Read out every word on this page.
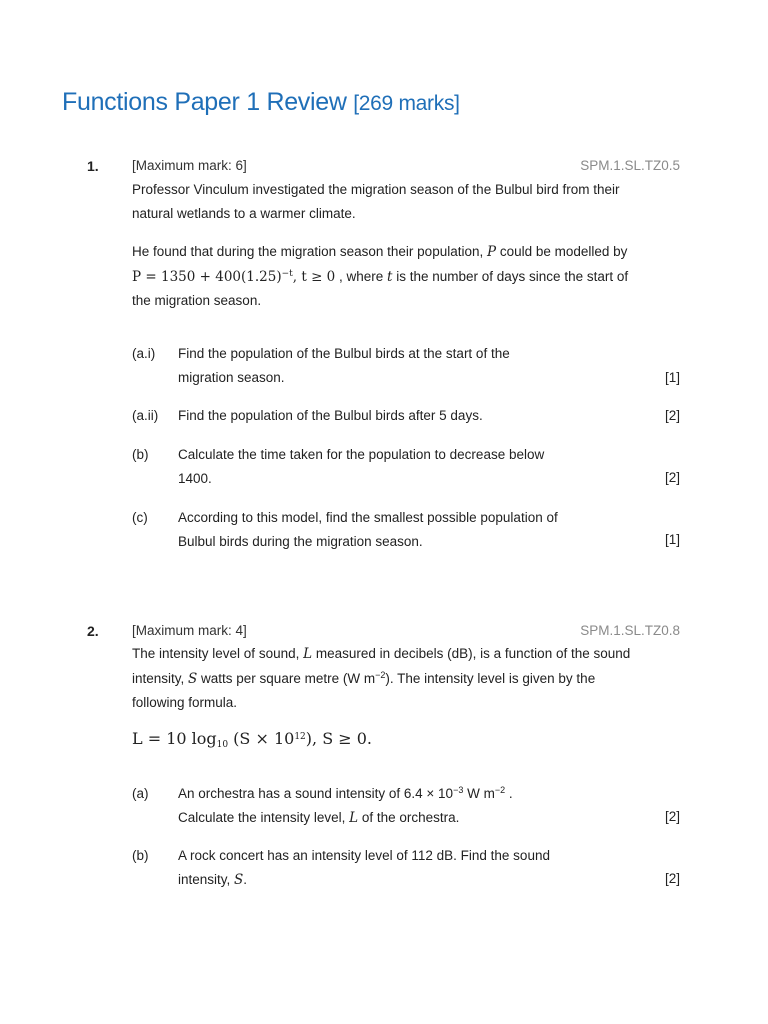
Functions Paper 1 Review [269 marks]
1. [Maximum mark: 6]	SPM.1.SL.TZ0.5
Professor Vinculum investigated the migration season of the Bulbul bird from their natural wetlands to a warmer climate.
He found that during the migration season their population, P could be modelled by $P = 1350 + 400(1.25)^{-t}$, t ≥ 0 , where t is the number of days since the start of the migration season.
(a.i) Find the population of the Bulbul birds at the start of the migration season.	[1]
(a.ii) Find the population of the Bulbul birds after 5 days.	[2]
(b) Calculate the time taken for the population to decrease below 1400.	[2]
(c) According to this model, find the smallest possible population of Bulbul birds during the migration season.	[1]
2. [Maximum mark: 4]	SPM.1.SL.TZ0.8
The intensity level of sound, L measured in decibels (dB), is a function of the sound intensity, S watts per square metre (W $m^{-2}$). The intensity level is given by the following formula.
L = 10 $\log_{10} (S \times 10^{12})$, S ≥ 0.
(a) An orchestra has a sound intensity of $6.4 \times 10^{-3}$ W $m^{-2}$ .
Calculate the intensity level, L of the orchestra.	[2]
(b) A rock concert has an intensity level of 112 dB. Find the sound
intensity, S.	[2]
